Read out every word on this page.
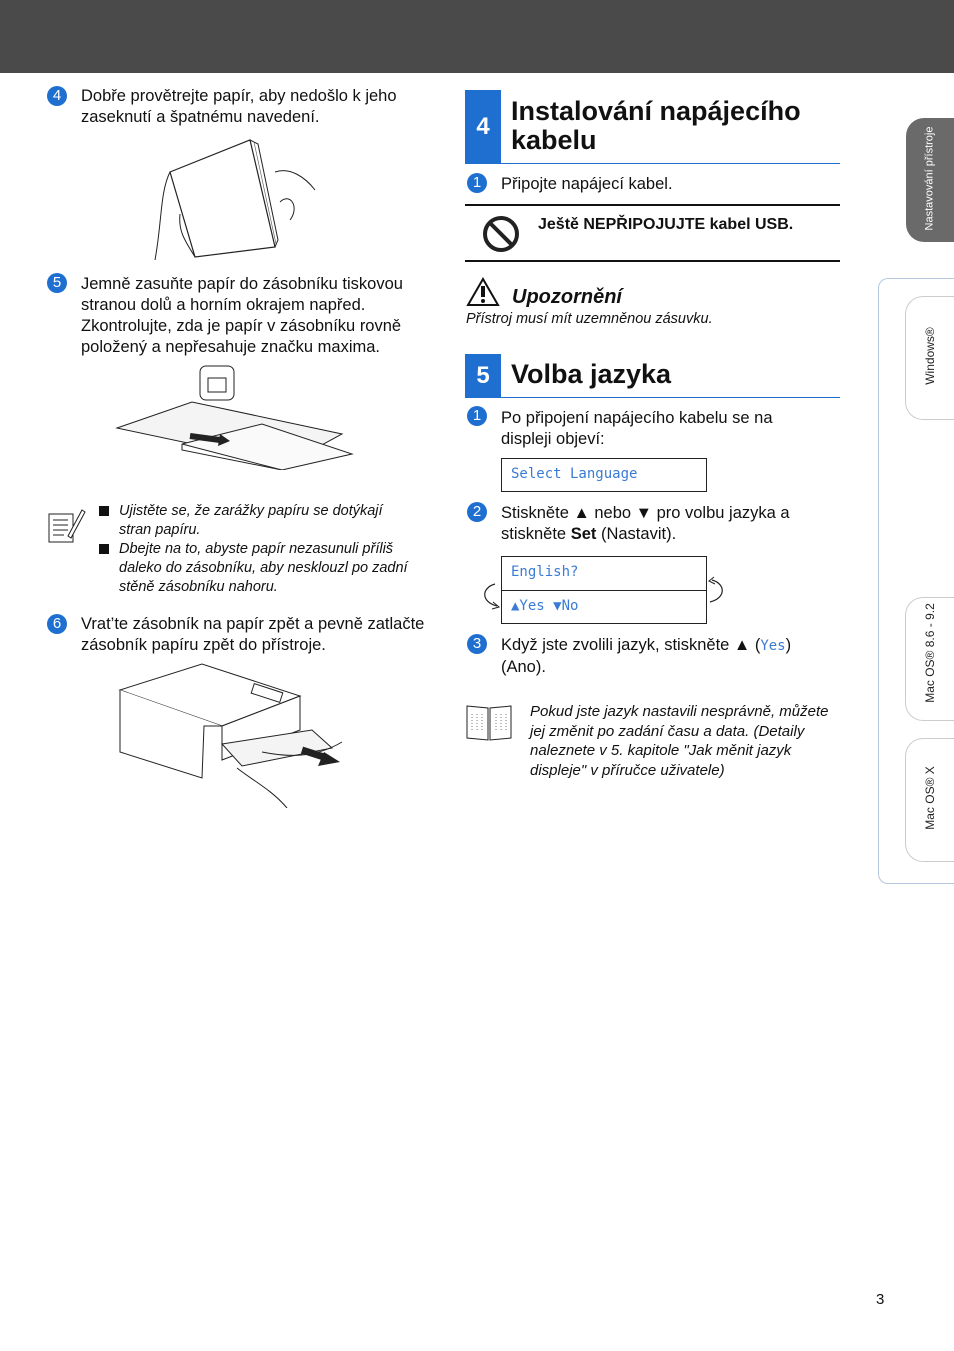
Nastavování přístroje
Windows®
Mac OS® 8.6 - 9.2
Mac OS® X
4	Dobře provětrejte papír, aby nedošlo k jeho zaseknutí a špatnému navedení.
5	Jemně zasuňte papír do zásobníku tiskovou stranou dolů a horním okrajem napřed. Zkontrolujte, zda je papír v zásobníku rovně položený a nepřesahuje značku maxima.
Ujistěte se, že zarážky papíru se dotýkají stran papíru.
Dbejte na to, abyste papír nezasunuli příliš daleko do zásobníku, aby nesklouzl po zadní stěně zásobníku nahoru.
6	Vrat’te zásobník na papír zpět a pevně zatlačte zásobník papíru zpět do přístroje.
4
Instalování napájecího kabelu
1	Připojte napájecí kabel.
Ještě NEPŘIPOJUJTE kabel USB.
Upozornění
Přístroj musí mít uzemněnou zásuvku.
5 Volba jazyka
1	Po připojení napájecího kabelu se na displeji objeví:
Select Language
2	Stiskněte ▲ nebo ▼ pro volbu jazyka a stiskněte Set (Nastavit).
English?
▲Yes ▼No
3	Když jste zvolili jazyk, stiskněte ▲ (Yes) (Ano).
Pokud jste jazyk nastavili nesprávně, můžete jej změnit po zadání času a data. (Detaily naleznete v 5. kapitole "Jak měnit jazyk displeje" v příručce uživatele)
3
